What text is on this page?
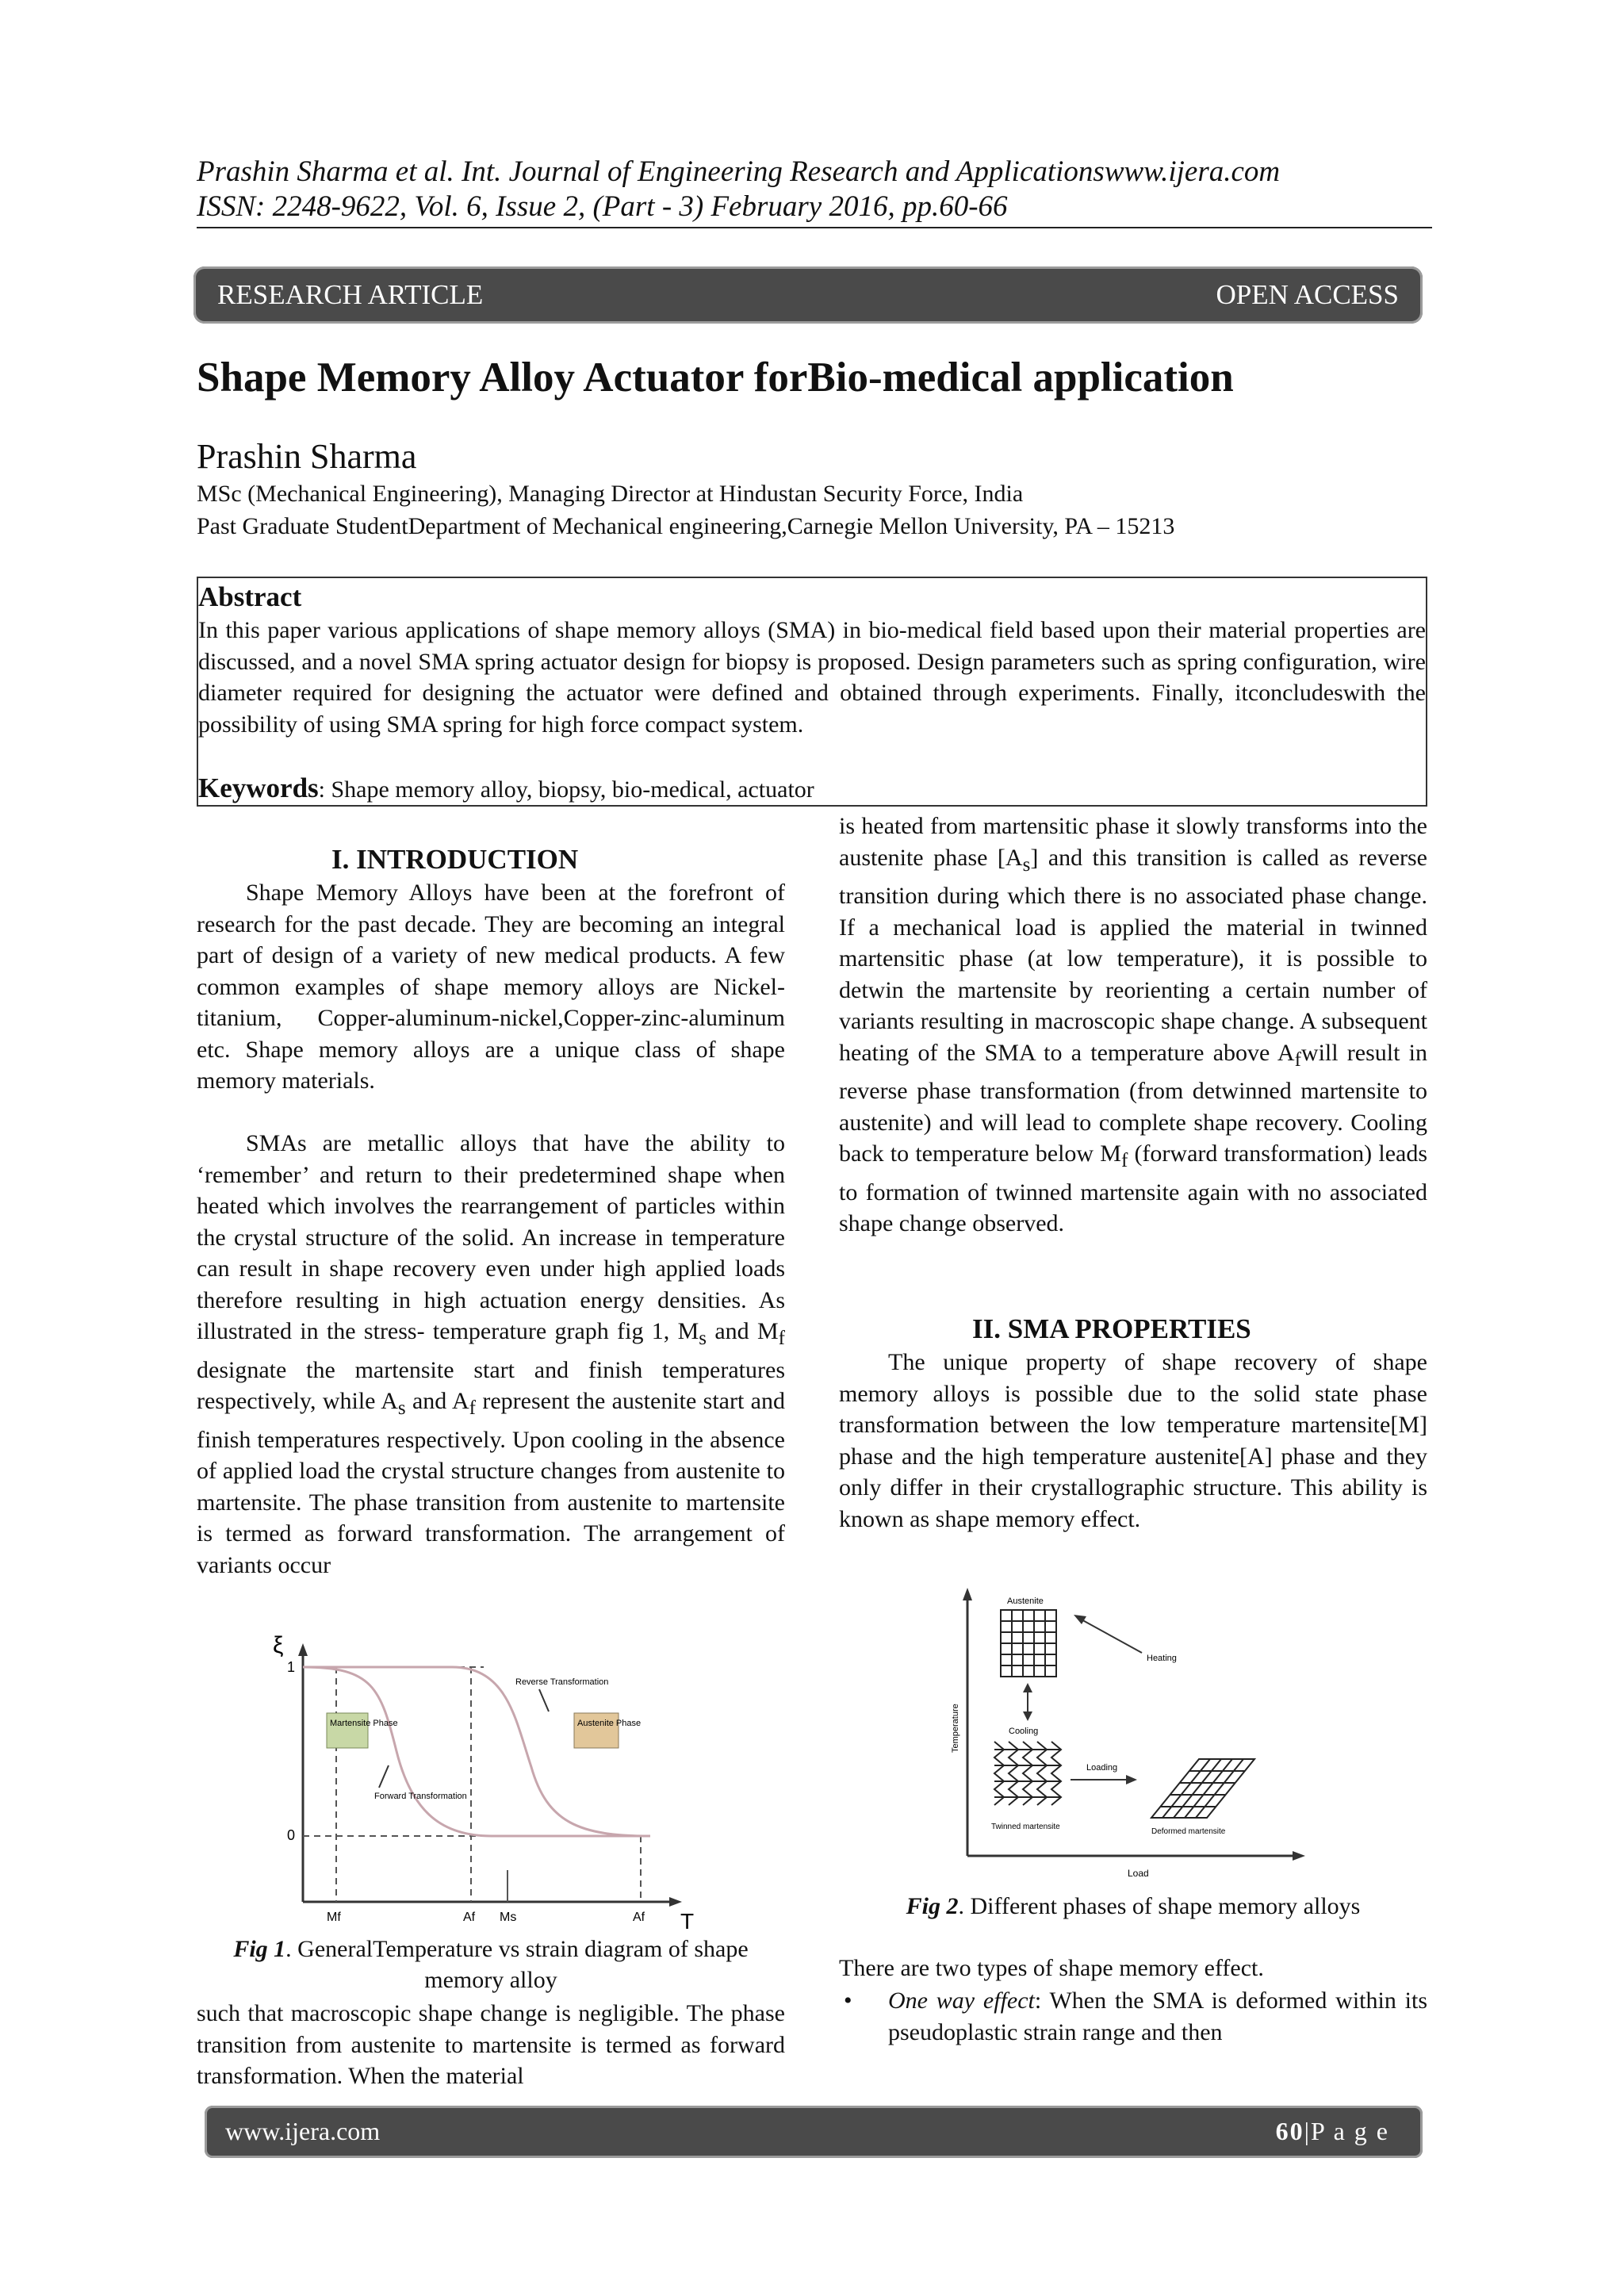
Prashin Sharma et al. Int. Journal of Engineering Research and Applicationswww.ijera.com
ISSN: 2248-9622, Vol. 6, Issue 2, (Part - 3) February 2016, pp.60-66
RESEARCH ARTICLE	OPEN ACCESS
Shape Memory Alloy Actuator forBio-medical application
Prashin Sharma
MSc (Mechanical Engineering), Managing Director at Hindustan Security Force, India
Past Graduate StudentDepartment of Mechanical engineering,Carnegie Mellon University, PA – 15213
Abstract
In this paper various applications of shape memory alloys (SMA) in bio-medical field based upon their material properties are discussed, and a novel SMA spring actuator design for biopsy is proposed. Design parameters such as spring configuration, wire diameter required for designing the actuator were defined and obtained through experiments. Finally, itconcludeswith the possibility of using SMA spring for high force compact system.
Keywords: Shape memory alloy, biopsy, bio-medical, actuator
I. INTRODUCTION
Shape Memory Alloys have been at the forefront of research for the past decade. They are becoming an integral part of design of a variety of new medical products. A few common examples of shape memory alloys are Nickel-titanium, Copper-aluminum-nickel,Copper-zinc-aluminum etc. Shape memory alloys are a unique class of shape memory materials.
SMAs are metallic alloys that have the ability to ‘remember’ and return to their predetermined shape when heated which involves the rearrangement of particles within the crystal structure of the solid. An increase in temperature can result in shape recovery even under high applied loads therefore resulting in high actuation energy densities. As illustrated in the stress- temperature graph fig 1, $M_s$ and $M_f$ designate the martensite start and finish temperatures respectively, while $A_s$ and $A_f$ represent the austenite start and finish temperatures respectively. Upon cooling in the absence of applied load the crystal structure changes from austenite to martensite. The phase transition from austenite to martensite is termed as forward transformation. The arrangement of variants occur
ξ
1
0
Martensite Phase	Austenite Phase
Reverse Transformation
Forward Transformation
Mf	Af Ms	Af T
Fig 1. GeneralTemperature vs strain diagram of shape memory alloy
such that macroscopic shape change is negligible. The phase transition from austenite to martensite is termed as forward transformation. When the material
is heated from martensitic phase it slowly transforms into the austenite phase $[A_s]$ and this transition is called as reverse transition during which there is no associated phase change. If a mechanical load is applied the material in twinned martensitic phase (at low temperature), it is possible to detwin the martensite by reorienting a certain number of variants resulting in macroscopic shape change. A subsequent heating of the SMA to a temperature above $A_fwill$ result in reverse phase transformation (from detwinned martensite to austenite) and will lead to complete shape recovery. Cooling back to temperature below $M_f$ (forward transformation) leads to formation of twinned martensite again with no associated shape change observed.
II. SMA PROPERTIES
The unique property of shape recovery of shape memory alloys is possible due to the solid state phase transformation between the low temperature martensite[M] phase and the high temperature austenite[A] phase and they only differ in their crystallographic structure. This ability is known as shape memory effect.
Temperature
Load
Austenite
Cooling
Twinned martensite
Heating
Loading
Deformed martensite
Fig 2. Different phases of shape memory alloys
There are two types of shape memory effect.
• One way effect: When the SMA is deformed within its pseudoplastic strain range and then
www.ijera.com	60|P a g e
